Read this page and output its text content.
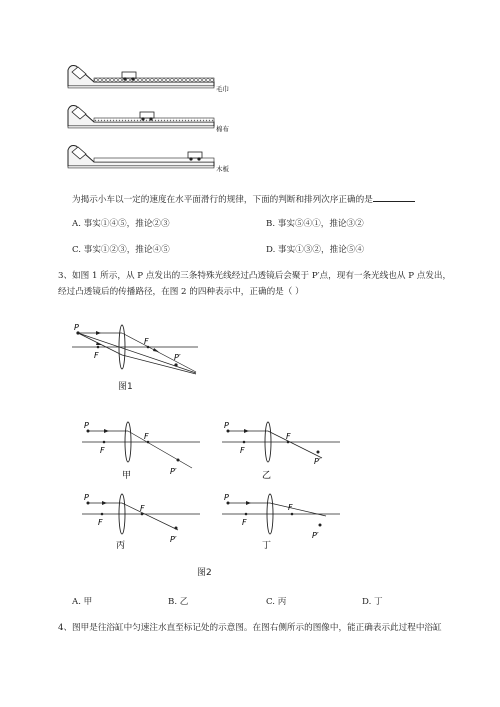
毛巾
棉布
木板
为揭示小车以一定的速度在水平面滑行的规律，下面的判断和排列次序正确的是
A. 事实①④⑤，推论②③	B. 事实⑤④①，推论③②
C. 事实①②③，推论④⑤	D. 事实①③②，推论⑤④
3、如图 1 所示，从 P 点发出的三条特殊光线经过凸透镜后会聚于 P′点，现有一条光线也从 P 点发出，
经过凸透镜后的传播路径，在图 2 的四种表示中，正确的是（ ）
P
F
F
P′
图1
P
F
F
P′
甲
P
F
F
P′
乙
P
F
F
P′
丙
P
F
F
P′
丁
图2
A. 甲	B. 乙	C. 丙	D. 丁
4、图甲是往浴缸中匀速注水直至标记处的示意图。在图右侧所示的图像中，能正确表示此过程中浴缸
